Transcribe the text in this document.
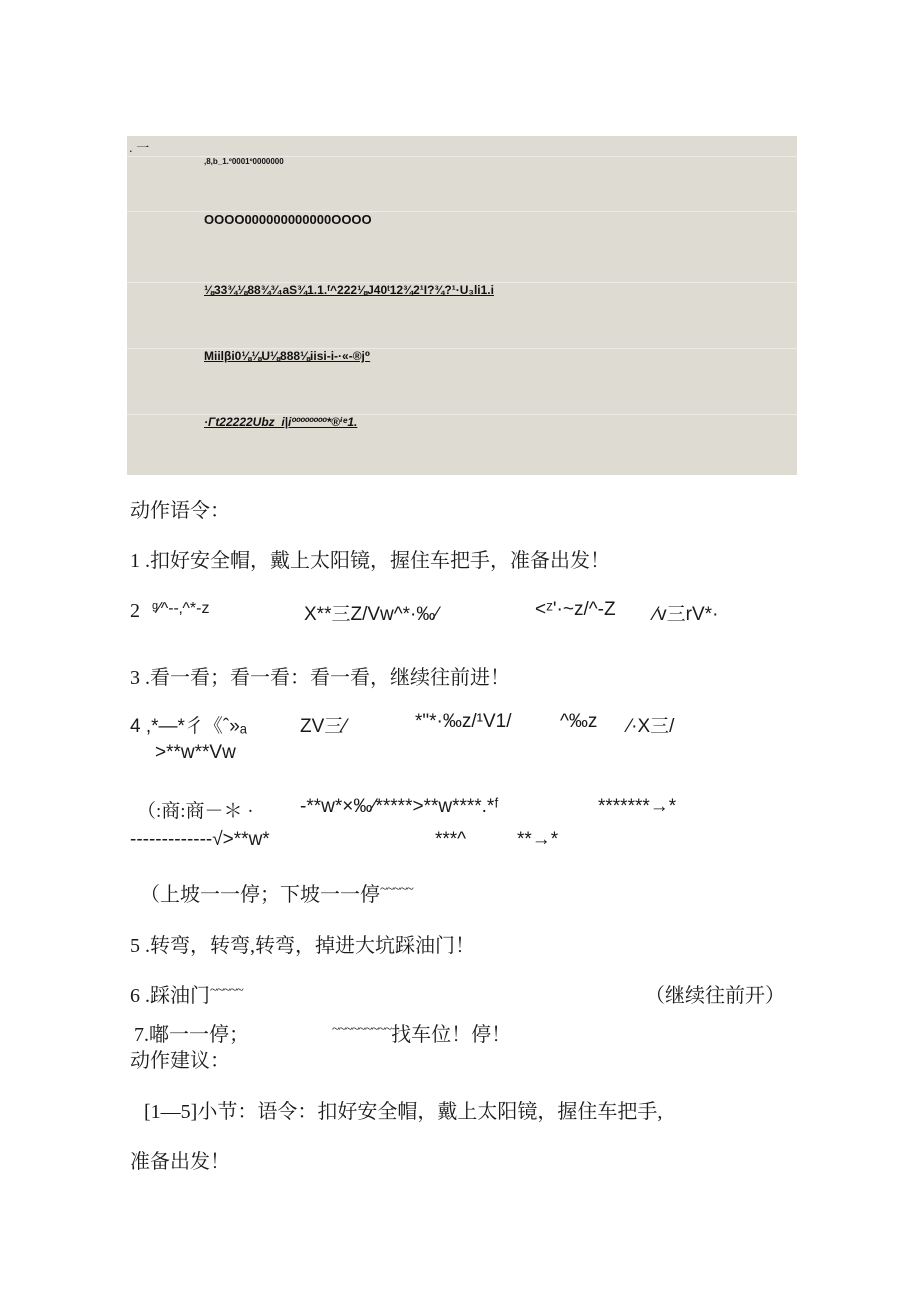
. 一
,8,b_1.º0001º0000000
OOOO000000000000OOOO
⅛33¾⅛88¾³⁄₄aS¾1.1.ᶠ^222⅛J40ᵗ12¾2¹I?¾?¹·U₃li1.i
Miilβi0⅛⅛U⅛888⅛iisi-i-·«-®j⁰
·Γt22222Ubz_i|iºººººººº*®ⁱᵉ1.
动作语令：
1 .扣好安全帽，戴上太阳镜，握住车把手，准备出发！
2 ᵍ∕^--‚^*-z	X**三Z/Vw^*·‰⁄	<ᶻ'·~z/^-Z ⁄v三rV*·
3 .看一看；看一看：看一看，继续往前进！
4 ,*—*彳《ˆ»ₐ	ZV三⁄	*"*·‰z/¹V1/	^‰z ⁄·X三/
>**w**Vw
（:商:商－＊ · -**w*×‰⁄*****>**w****.*ᶠ	*******→*
-------------√>**w*	***^	**→*
（上坡一一停；下坡一一停~~~~~
5 .转弯，转弯,转弯，掉进大坑踩油门！
6 .踩油门~~~~~	（继续往前开）
7.嘟一一停；	~~~~~~~~~找车位！停！
动作建议：
[1—5]小节：语令：扣好安全帽，戴上太阳镜，握住车把手,
准备出发！
